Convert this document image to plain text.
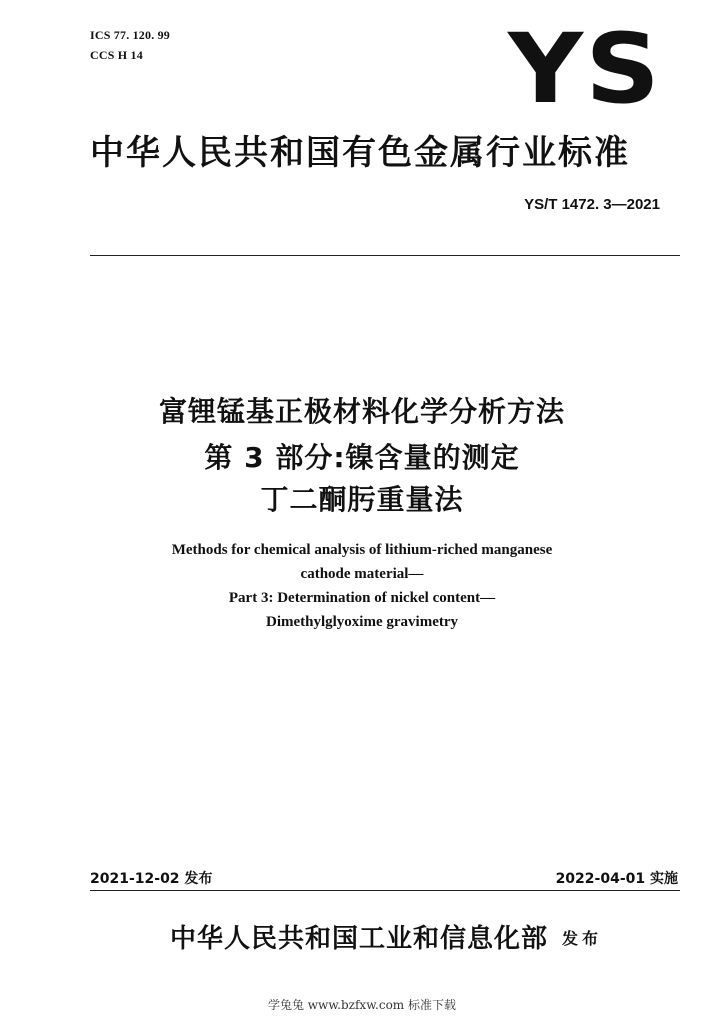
ICS 77. 120. 99
CCS H 14	YS
中华人民共和国有色金属行业标准
YS/T 1472. 3—2021
富锂锰基正极材料化学分析方法
第 3 部分:镍含量的测定
丁二酮肟重量法
Methods for chemical analysis of lithium-riched manganese
cathode material—
Part 3: Determination of nickel content—
Dimethylglyoxime gravimetry
2021-12-02 发布	2022-04-01 实施
中华人民共和国工业和信息化部 发布
学兔兔 www.bzfxw.com 标准下载
